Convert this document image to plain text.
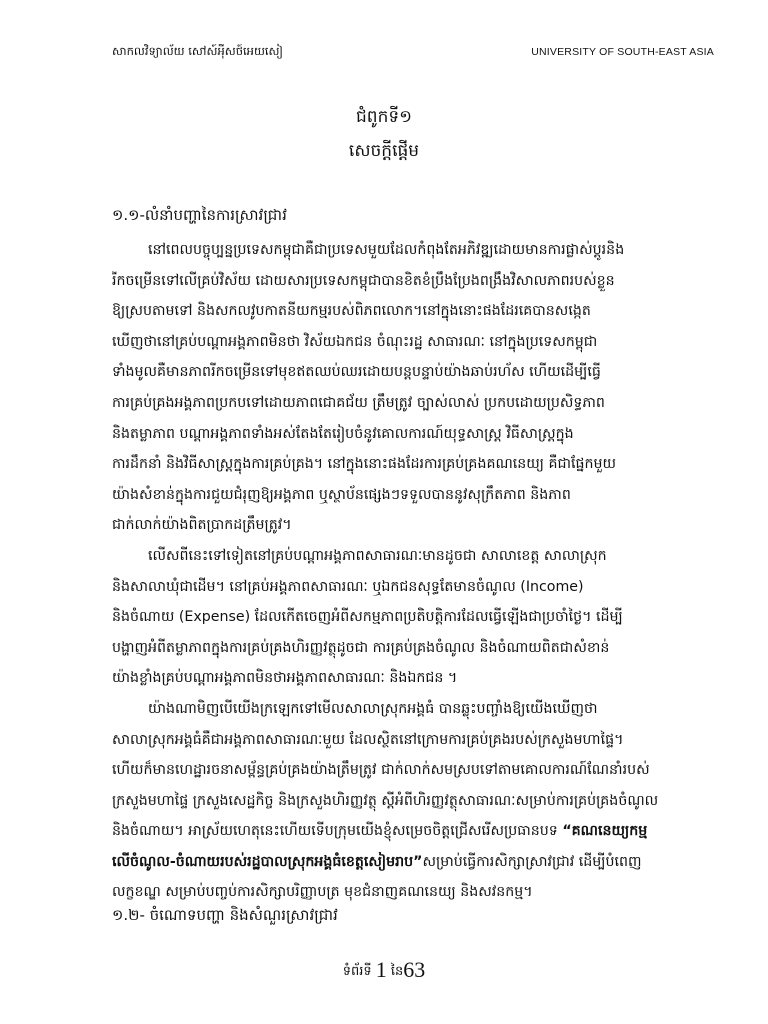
សាកលវិទ្យាល័យ សៅស៍អុីសថ៍អេយសៀ	UNIVERSITY OF SOUTH-EAST ASIA
ជំពូកទី១
សេចក្តីផ្តើម
១.១-លំនាំបញ្ហានៃការស្រាវជ្រាវ
នៅពេលបច្ចុប្បន្នប្រទេសកម្ពុជាគឺជាប្រទេសមួយដែលកំពុងតែអភិវឌ្ឍដោយមានការផ្លាស់ប្តូរនិង
រីកចម្រើនទៅលើគ្រប់វិស័យ ដោយសារប្រទេសកម្ពុជាបានខិតខំប្រឹងប្រែងពង្រឹងវិសាលភាពរបស់ខ្លួន
ឱ្យស្របតាមទៅ និងសកលវូបកាតនីយកម្មរបស់ពិភពលោក។នៅក្នុងនោះផងដែរគេបានសង្កេត
ឃើញថានៅគ្រប់បណ្តាអង្គភាពមិនថា វិស័យឯកជន ចំណុះរដ្ឋ សាធារណៈ នៅក្នុងប្រទេសកម្ពុជា
ទាំងមូលគឺមានភាពរីកចម្រើនទៅមុខឥតឈប់ឈរដោយបន្តបន្ទាប់យ៉ាងឆាប់រហ័ស ហើយដើម្បីធ្វើ
ការគ្រប់គ្រងអង្គភាពប្រកបទៅដោយភាពជោគជ័យ ត្រឹមត្រូវ ច្បាស់លាស់ ប្រកបដោយប្រសិទ្ធភាព
និងតម្លាភាព បណ្តាអង្គភាពទាំងអស់តែងតែរៀបចំនូវគោលការណ៍យុទ្ធសាស្រ្ត វិធីសាស្រ្តក្នុង
ការដឹកនាំ និងវិធីសាស្រ្តក្នុងការគ្រប់គ្រង។ នៅក្នុងនោះផងដែរការគ្រប់គ្រងគណនេយ្យ គឺជាផ្នែកមួយ
យ៉ាងសំខាន់ក្នុងការជួយជំរុញឱ្យអង្គភាព ឬស្ថាប័នផ្សេងៗទទួលបាននូវសុក្រឹតភាព និងភាព
ជាក់លាក់យ៉ាងពិតប្រាកដត្រឹមត្រូវ។
លើសពីនេះទៅទៀតនៅគ្រប់បណ្តាអង្គភាពសាធារណៈមានដូចជា សាលាខេត្ត សាលាស្រុក
និងសាលាឃុំជាដើម។ នៅគ្រប់អង្គភាពសាធារណៈ ឬឯកជនសុទ្ធតែមានចំណូល (Income)
និងចំណាយ (Expense) ដែលកើតចេញអំពីសកម្មភាពប្រតិបត្តិការដែលធ្វើឡើងជាប្រចាំថ្ងៃ។ ដើម្បី
បង្ហាញអំពីតម្លាភាពក្នុងការគ្រប់គ្រងហិរញ្ញវត្ថុដូចជា ការគ្រប់គ្រងចំណូល និងចំណាយពិតជាសំខាន់
យ៉ាងខ្លាំងគ្រប់បណ្តាអង្គភាពមិនថាអង្គភាពសាធារណៈ និងឯកជន ។
យ៉ាងណាមិញបើយើងក្រឡេកទៅមើលសាលាស្រុកអង្គធំ បានឆ្លុះបញ្ចាំងឱ្យយើងឃើញថា
សាលាស្រុកអង្គធំគឺជាអង្គភាពសាធារណៈមួយ ដែលស្ថិតនៅក្រោមការគ្រប់គ្រងរបស់ក្រសួងមហាផ្ទៃ។
ហើយក៏មានហេដ្ឋារចនាសម្ព័ន្ធគ្រប់គ្រងយ៉ាងត្រឹមត្រូវ ជាក់លាក់សមស្របទៅតាមគោលការណ៍ណែនាំរបស់
ក្រសួងមហាផ្ទៃ ក្រសួងសេដ្ឋកិច្ច និងក្រសួងហិរញ្ញវត្ថុ ស្តីអំពីហិរញ្ញវត្ថុសាធារណៈសម្រាប់ការគ្រប់គ្រងចំណូល
និងចំណាយ។ អាស្រ័យហេតុនេះហើយទើបក្រុមយើងខ្ញុំសម្រេចចិត្តជ្រើសរើសប្រធានបទ “គណនេយ្យកម្ម
លើចំណូល-ចំណាយរបស់រដ្ឋបាលស្រុកអង្គធំខេត្តសៀមរាប”សម្រាប់ធ្វើការសិក្សាស្រាវជ្រាវ ដើម្បីបំពេញ
លក្ខខណ្ឌ សម្រាប់បញ្ចប់ការសិក្សាបរិញ្ញាបត្រ មុខជំនាញគណនេយ្យ និងសវនកម្ម។
១.២- ចំណោទបញ្ហា និងសំណួរស្រាវជ្រាវ
ទំព័រទី 1 នៃ63
